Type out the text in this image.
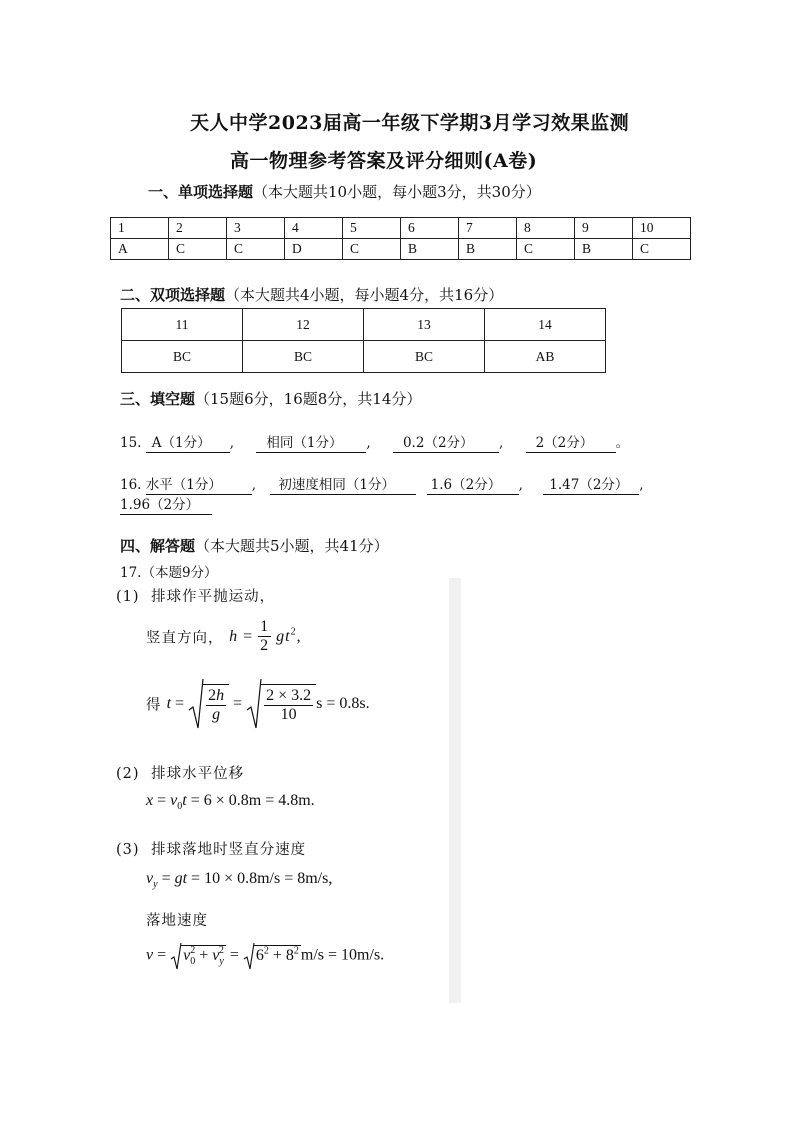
天人中学2023届高一年级下学期3月学习效果监测
高一物理参考答案及评分细则(A卷)
一、单项选择题（本大题共10小题，每小题3分，共30分）
1	2	3	4	5	6	7	8	9	10
A	C	C	D	C	B	B	C	B	C
二、双项选择题（本大题共4小题，每小题4分，共16分）
11	12	13	14
BC	BC	BC	AB
三、填空题（15题6分，16题8分，共14分）
15. A（1分） , 相同（1分） , 0.2（2分） , 2（2分） 。
16. 水平（1分） , 初速度相同（1分）	1.6（2分） , 1.47（2分） ,
1.96（2分）
四、解答题（本大题共5小题，共41分）
17.（本题9分）
(1) 排球作平抛运动，
竖直方向， $h = \frac{1}{2} gt^2$,
得 $t = \frac{2h}{g} = \frac{2 \times 3.2}{10}$ s = 0.8s.
(2) 排球水平位移
$x = v_0t = 6 \times 0.8m = 4.8m$.
(3) 排球落地时竖直分速度
$v_y$ = gt = 10 × 0.8m/s = 8m/s,
落地速度
$v = v_0^2 + v_y^2 = 6^2 + 8^2$ m/s = 10m/s.
